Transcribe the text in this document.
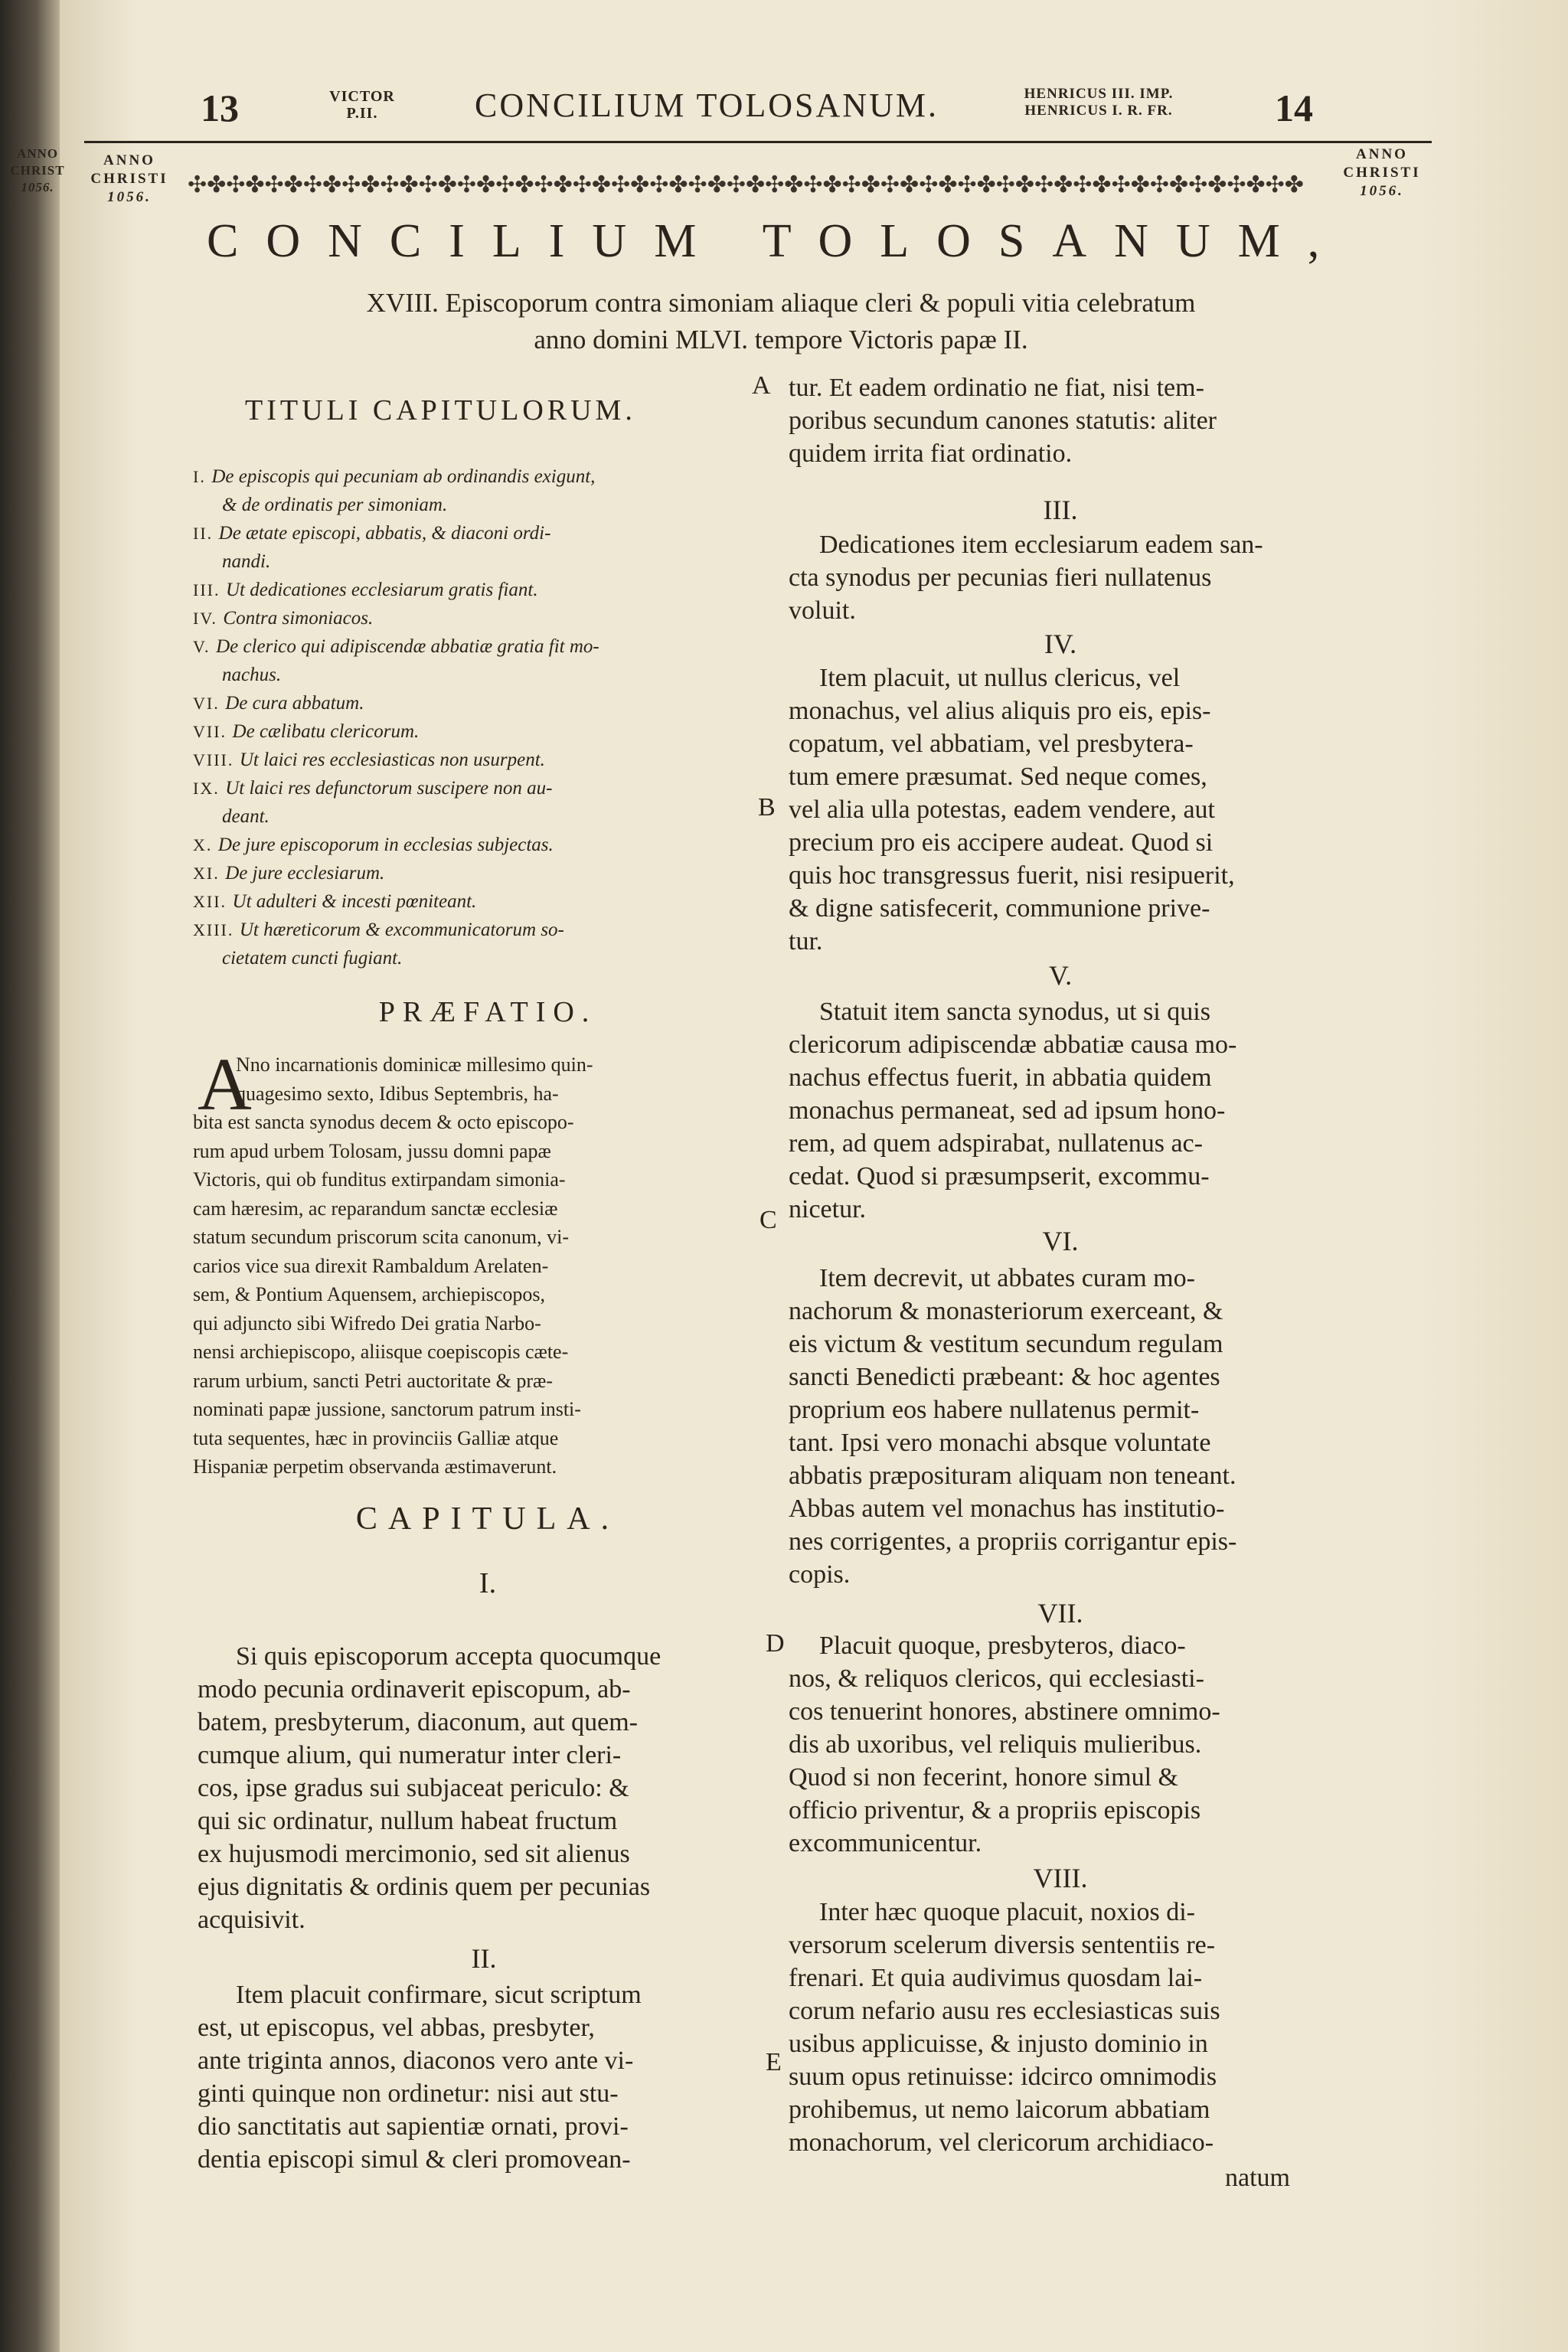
13	VICTOR
P.II.	CONCILIUM TOLOSANUM.	HENRICUS III. IMP.
HENRICUS I. R. FR.	14
ANNO
CHRIST
1056.
ANNO
CHRISTI
1056.	✣✤✣✤✣✤✣✤✣✤✣✤✣✤✣✤✣✤✣✤✣✤✣✤✣✤✣✤✣✤✣✤✣✤✣✤✣✤✣✤✣✤✣✤✣✤✣✤✣✤✣✤✣✤✣✤✣✤
ANNO
CHRISTI
1056.
CONCILIUM TOLOSANUM,
XVIII. Episcoporum contra simoniam aliaque cleri & populi vitia celebratum
anno domini MLVI. tempore Victoris papæ II.
TITULI CAPITULORUM.
I. De episcopis qui pecuniam ab ordinandis exigunt,
& de ordinatis per simoniam.
II. De ætate episcopi, abbatis, & diaconi ordi-
nandi.
III. Ut dedicationes ecclesiarum gratis fiant.
IV. Contra simoniacos.
V. De clerico qui adipiscendæ abbatiæ gratia fit mo-
nachus.
VI. De cura abbatum.
VII. De cælibatu clericorum.
VIII. Ut laici res ecclesiasticas non usurpent.
IX. Ut laici res defunctorum suscipere non au-
deant.
X. De jure episcoporum in ecclesias subjectas.
XI. De jure ecclesiarum.
XII. Ut adulteri & incesti pœniteant.
XIII. Ut hæreticorum & excommunicatorum so-
cietatem cuncti fugiant.
PRÆFATIO.
A
Nno incarnationis dominicæ millesimo quin-
quagesimo sexto, Idibus Septembris, ha-
bita est sancta synodus decem & octo episcopo-
rum apud urbem Tolosam, jussu domni papæ
Victoris, qui ob funditus extirpandam simonia-
cam hæresim, ac reparandum sanctæ ecclesiæ
statum secundum priscorum scita canonum, vi-
carios vice sua direxit Rambaldum Arelaten-
sem, & Pontium Aquensem, archiepiscopos,
qui adjuncto sibi Wifredo Dei gratia Narbo-
nensi archiepiscopo, aliisque coepiscopis cæte-
rarum urbium, sancti Petri auctoritate & præ-
nominati papæ jussione, sanctorum patrum insti-
tuta sequentes, hæc in provinciis Galliæ atque
Hispaniæ perpetim observanda æstimaverunt.
CAPITULA.
I.
Si quis episcoporum accepta quocumque
modo pecunia ordinaverit episcopum, ab-
batem, presbyterum, diaconum, aut quem-
cumque alium, qui numeratur inter cleri-
cos, ipse gradus sui subjaceat periculo: &
qui sic ordinatur, nullum habeat fructum
ex hujusmodi mercimonio, sed sit alienus
ejus dignitatis & ordinis quem per pecunias
acquisivit.
II.
Item placuit confirmare, sicut scriptum
est, ut episcopus, vel abbas, presbyter,
ante triginta annos, diaconos vero ante vi-
ginti quinque non ordinetur: nisi aut stu-
dio sanctitatis aut sapientiæ ornati, provi-
dentia episcopi simul & cleri promovean-
A
B
C
D
E
tur. Et eadem ordinatio ne fiat, nisi tem-
poribus secundum canones statutis: aliter
quidem irrita fiat ordinatio.
III.
Dedicationes item ecclesiarum eadem san-
cta synodus per pecunias fieri nullatenus
voluit.
IV.
Item placuit, ut nullus clericus, vel
monachus, vel alius aliquis pro eis, epis-
copatum, vel abbatiam, vel presbytera-
tum emere præsumat. Sed neque comes,
vel alia ulla potestas, eadem vendere, aut
precium pro eis accipere audeat. Quod si
quis hoc transgressus fuerit, nisi resipuerit,
& digne satisfecerit, communione prive-
tur.
V.
Statuit item sancta synodus, ut si quis
clericorum adipiscendæ abbatiæ causa mo-
nachus effectus fuerit, in abbatia quidem
monachus permaneat, sed ad ipsum hono-
rem, ad quem adspirabat, nullatenus ac-
cedat. Quod si præsumpserit, excommu-
nicetur.
VI.
Item decrevit, ut abbates curam mo-
nachorum & monasteriorum exerceant, &
eis victum & vestitum secundum regulam
sancti Benedicti præbeant: & hoc agentes
proprium eos habere nullatenus permit-
tant. Ipsi vero monachi absque voluntate
abbatis præposituram aliquam non teneant.
Abbas autem vel monachus has institutio-
nes corrigentes, a propriis corrigantur epis-
copis.
VII.
Placuit quoque, presbyteros, diaco-
nos, & reliquos clericos, qui ecclesiasti-
cos tenuerint honores, abstinere omnimo-
dis ab uxoribus, vel reliquis mulieribus.
Quod si non fecerint, honore simul &
officio priventur, & a propriis episcopis
excommunicentur.
VIII.
Inter hæc quoque placuit, noxios di-
versorum scelerum diversis sententiis re-
frenari. Et quia audivimus quosdam lai-
corum nefario ausu res ecclesiasticas suis
usibus applicuisse, & injusto dominio in
suum opus retinuisse: idcirco omnimodis
prohibemus, ut nemo laicorum abbatiam
monachorum, vel clericorum archidiaco-
natum
